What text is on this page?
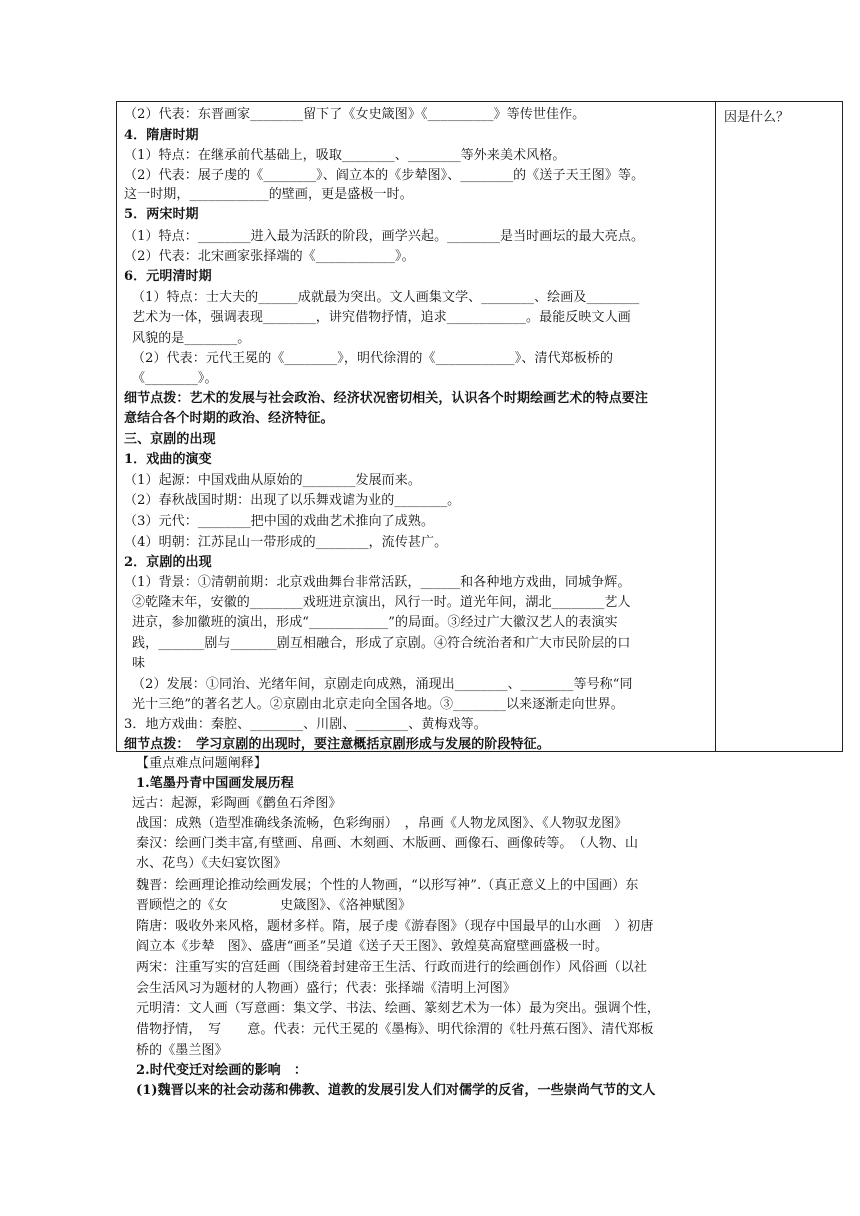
因是什么？
（2）代表：东晋画家________留下了《女史箴图》《__________》等传世佳作。
4．隋唐时期
（1）特点：在继承前代基础上，吸取________、________等外来美术风格。
（2）代表：展子虔的《________》、阎立本的《步辇图》、________的《送子天王图》等。
这一时期，____________的壁画，更是盛极一时。
5．两宋时期
（1）特点：________进入最为活跃的阶段，画学兴起。________是当时画坛的最大亮点。
（2）代表：北宋画家张择端的《____________》。
6．元明清时期
（1）特点：士大夫的______成就最为突出。文人画集文学、________、绘画及________
艺术为一体，强调表现________，讲究借物抒情，追求____________。最能反映文人画
风貌的是________。
（2）代表：元代王冕的《________》，明代徐渭的《____________》、清代郑板桥的
《________》。
细节点拨：艺术的发展与社会政治、经济状况密切相关，认识各个时期绘画艺术的特点要注
意结合各个时期的政治、经济特征。
三、京剧的出现
1．戏曲的演变
（1）起源：中国戏曲从原始的________发展而来。
（2）春秋战国时期：出现了以乐舞戏谑为业的________。
（3）元代：________把中国的戏曲艺术推向了成熟。
（4）明朝：江苏昆山一带形成的________，流传甚广。
2．京剧的出现
（1）背景：①清朝前期：北京戏曲舞台非常活跃，______和各种地方戏曲，同城争辉。
②乾隆末年，安徽的________戏班进京演出，风行一时。道光年间，湖北________艺人
进京，参加徽班的演出，形成“____________”的局面。③经过广大徽汉艺人的表演实
践，_______剧与_______剧互相融合，形成了京剧。④符合统治者和广大市民阶层的口
味
（2）发展：①同治、光绪年间，京剧走向成熟，涌现出________、________等号称“同
光十三绝”的著名艺人。②京剧由北京走向全国各地。③________以来逐渐走向世界。
3．地方戏曲：秦腔、________、川剧、________、黄梅戏等。
细节点拨：　学习京剧的出现时，要注意概括京剧形成与发展的阶段特征。
【重点难点问题阐释】
1.笔墨丹青中国画发展历程
远古：起源，彩陶画《鹳鱼石斧图》
战国：成熟（造型准确线条流畅，色彩绚丽）　，帛画《人物龙凤图》、《人物驭龙图》
秦汉：绘画门类丰富,有壁画、帛画、木刻画、木版画、画像石、画像砖等。　（人物、山
水、花鸟）《夫妇宴饮图》
魏晋：绘画理论推动绘画发展；个性的人物画，“以形写神”.（真正意义上的中国画）东
晋顾恺之的《女　　　　史箴图》、《洛神赋图》
隋唐：吸收外来风格，题材多样。隋，展子虔《游春图》（现存中国最早的山水画　）初唐
阎立本《步辇　图》、盛唐“画圣”吴道《送子天王图》、敦煌莫高窟壁画盛极一时。
两宋：注重写实的宫廷画（围绕着封建帝王生活、行政而进行的绘画创作）风俗画（以社
会生活风习为题材的人物画）盛行；代表：张择端《清明上河图》
元明清：文人画（写意画：集文学、书法、绘画、篆刻艺术为一体）最为突出。强调个性，
借物抒情，　写　　意。代表：元代王冕的《墨梅》、明代徐渭的《牡丹蕉石图》、清代郑板
桥的《墨兰图》
2.时代变迁对绘画的影响　：
(1)魏晋以来的社会动荡和佛教、道教的发展引发人们对儒学的反省，一些崇尚气节的文人
